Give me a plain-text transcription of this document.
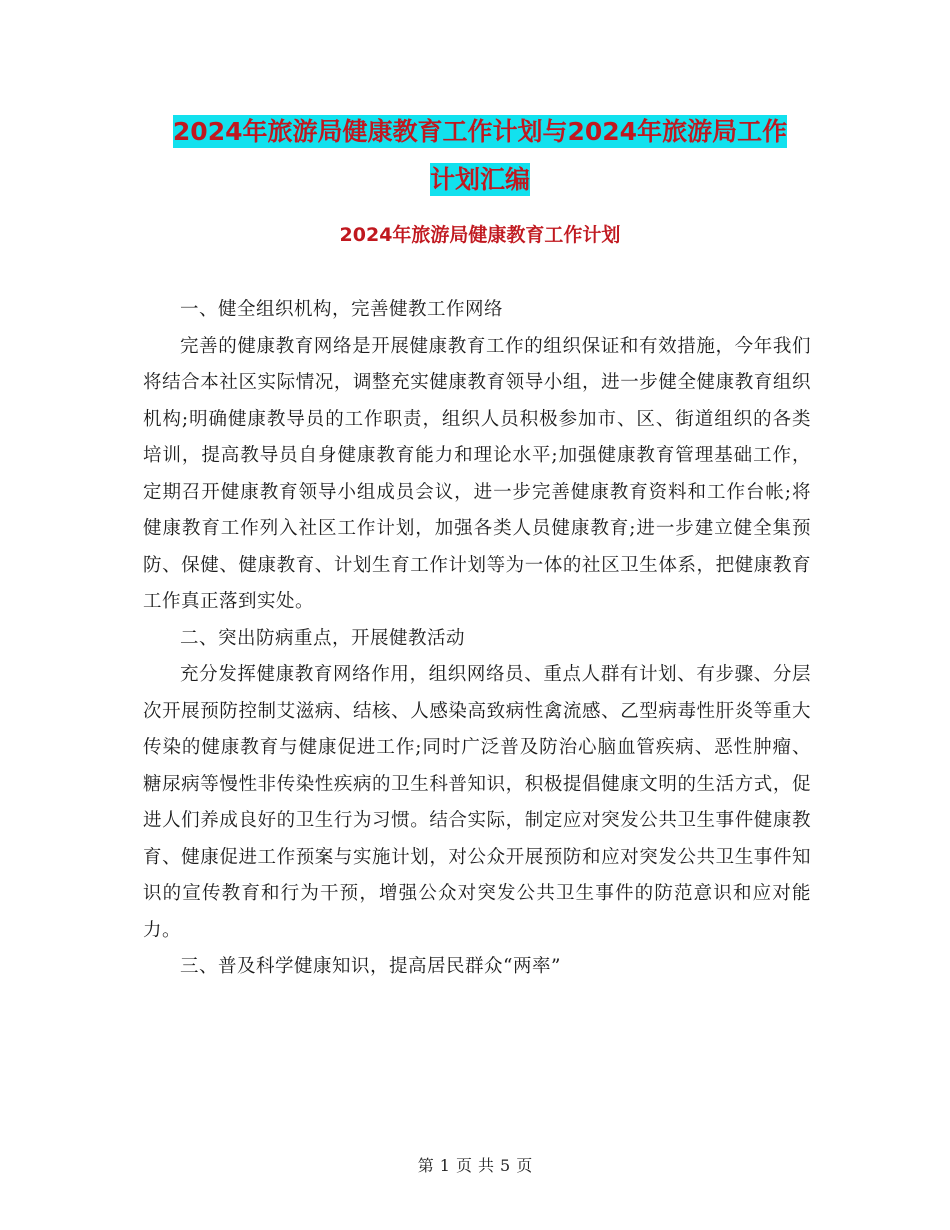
2024年旅游局健康教育工作计划与2024年旅游局工作
计划汇编
2024年旅游局健康教育工作计划

一、健全组织机构，完善健教工作网络

完善的健康教育网络是开展健康教育工作的组织保证和有效措施，今年我们将结合本社区实际情况，调整充实健康教育领导小组，进一步健全健康教育组织机构;明确健康教导员的工作职责，组织人员积极参加市、区、街道组织的各类培训，提高教导员自身健康教育能力和理论水平;加强健康教育管理基础工作，定期召开健康教育领导小组成员会议，进一步完善健康教育资料和工作台帐;将健康教育工作列入社区工作计划，加强各类人员健康教育;进一步建立健全集预防、保健、健康教育、计划生育工作计划等为一体的社区卫生体系，把健康教育工作真正落到实处。

二、突出防病重点，开展健教活动

充分发挥健康教育网络作用，组织网络员、重点人群有计划、有步骤、分层次开展预防控制艾滋病、结核、人感染高致病性禽流感、乙型病毒性肝炎等重大传染的健康教育与健康促进工作;同时广泛普及防治心脑血管疾病、恶性肿瘤、糖尿病等慢性非传染性疾病的卫生科普知识，积极提倡健康文明的生活方式，促进人们养成良好的卫生行为习惯。结合实际，制定应对突发公共卫生事件健康教育、健康促进工作预案与实施计划，对公众开展预防和应对突发公共卫生事件知识的宣传教育和行为干预，增强公众对突发公共卫生事件的防范意识和应对能力。

三、普及科学健康知识，提高居民群众“两率”

第 1 页 共 5 页
